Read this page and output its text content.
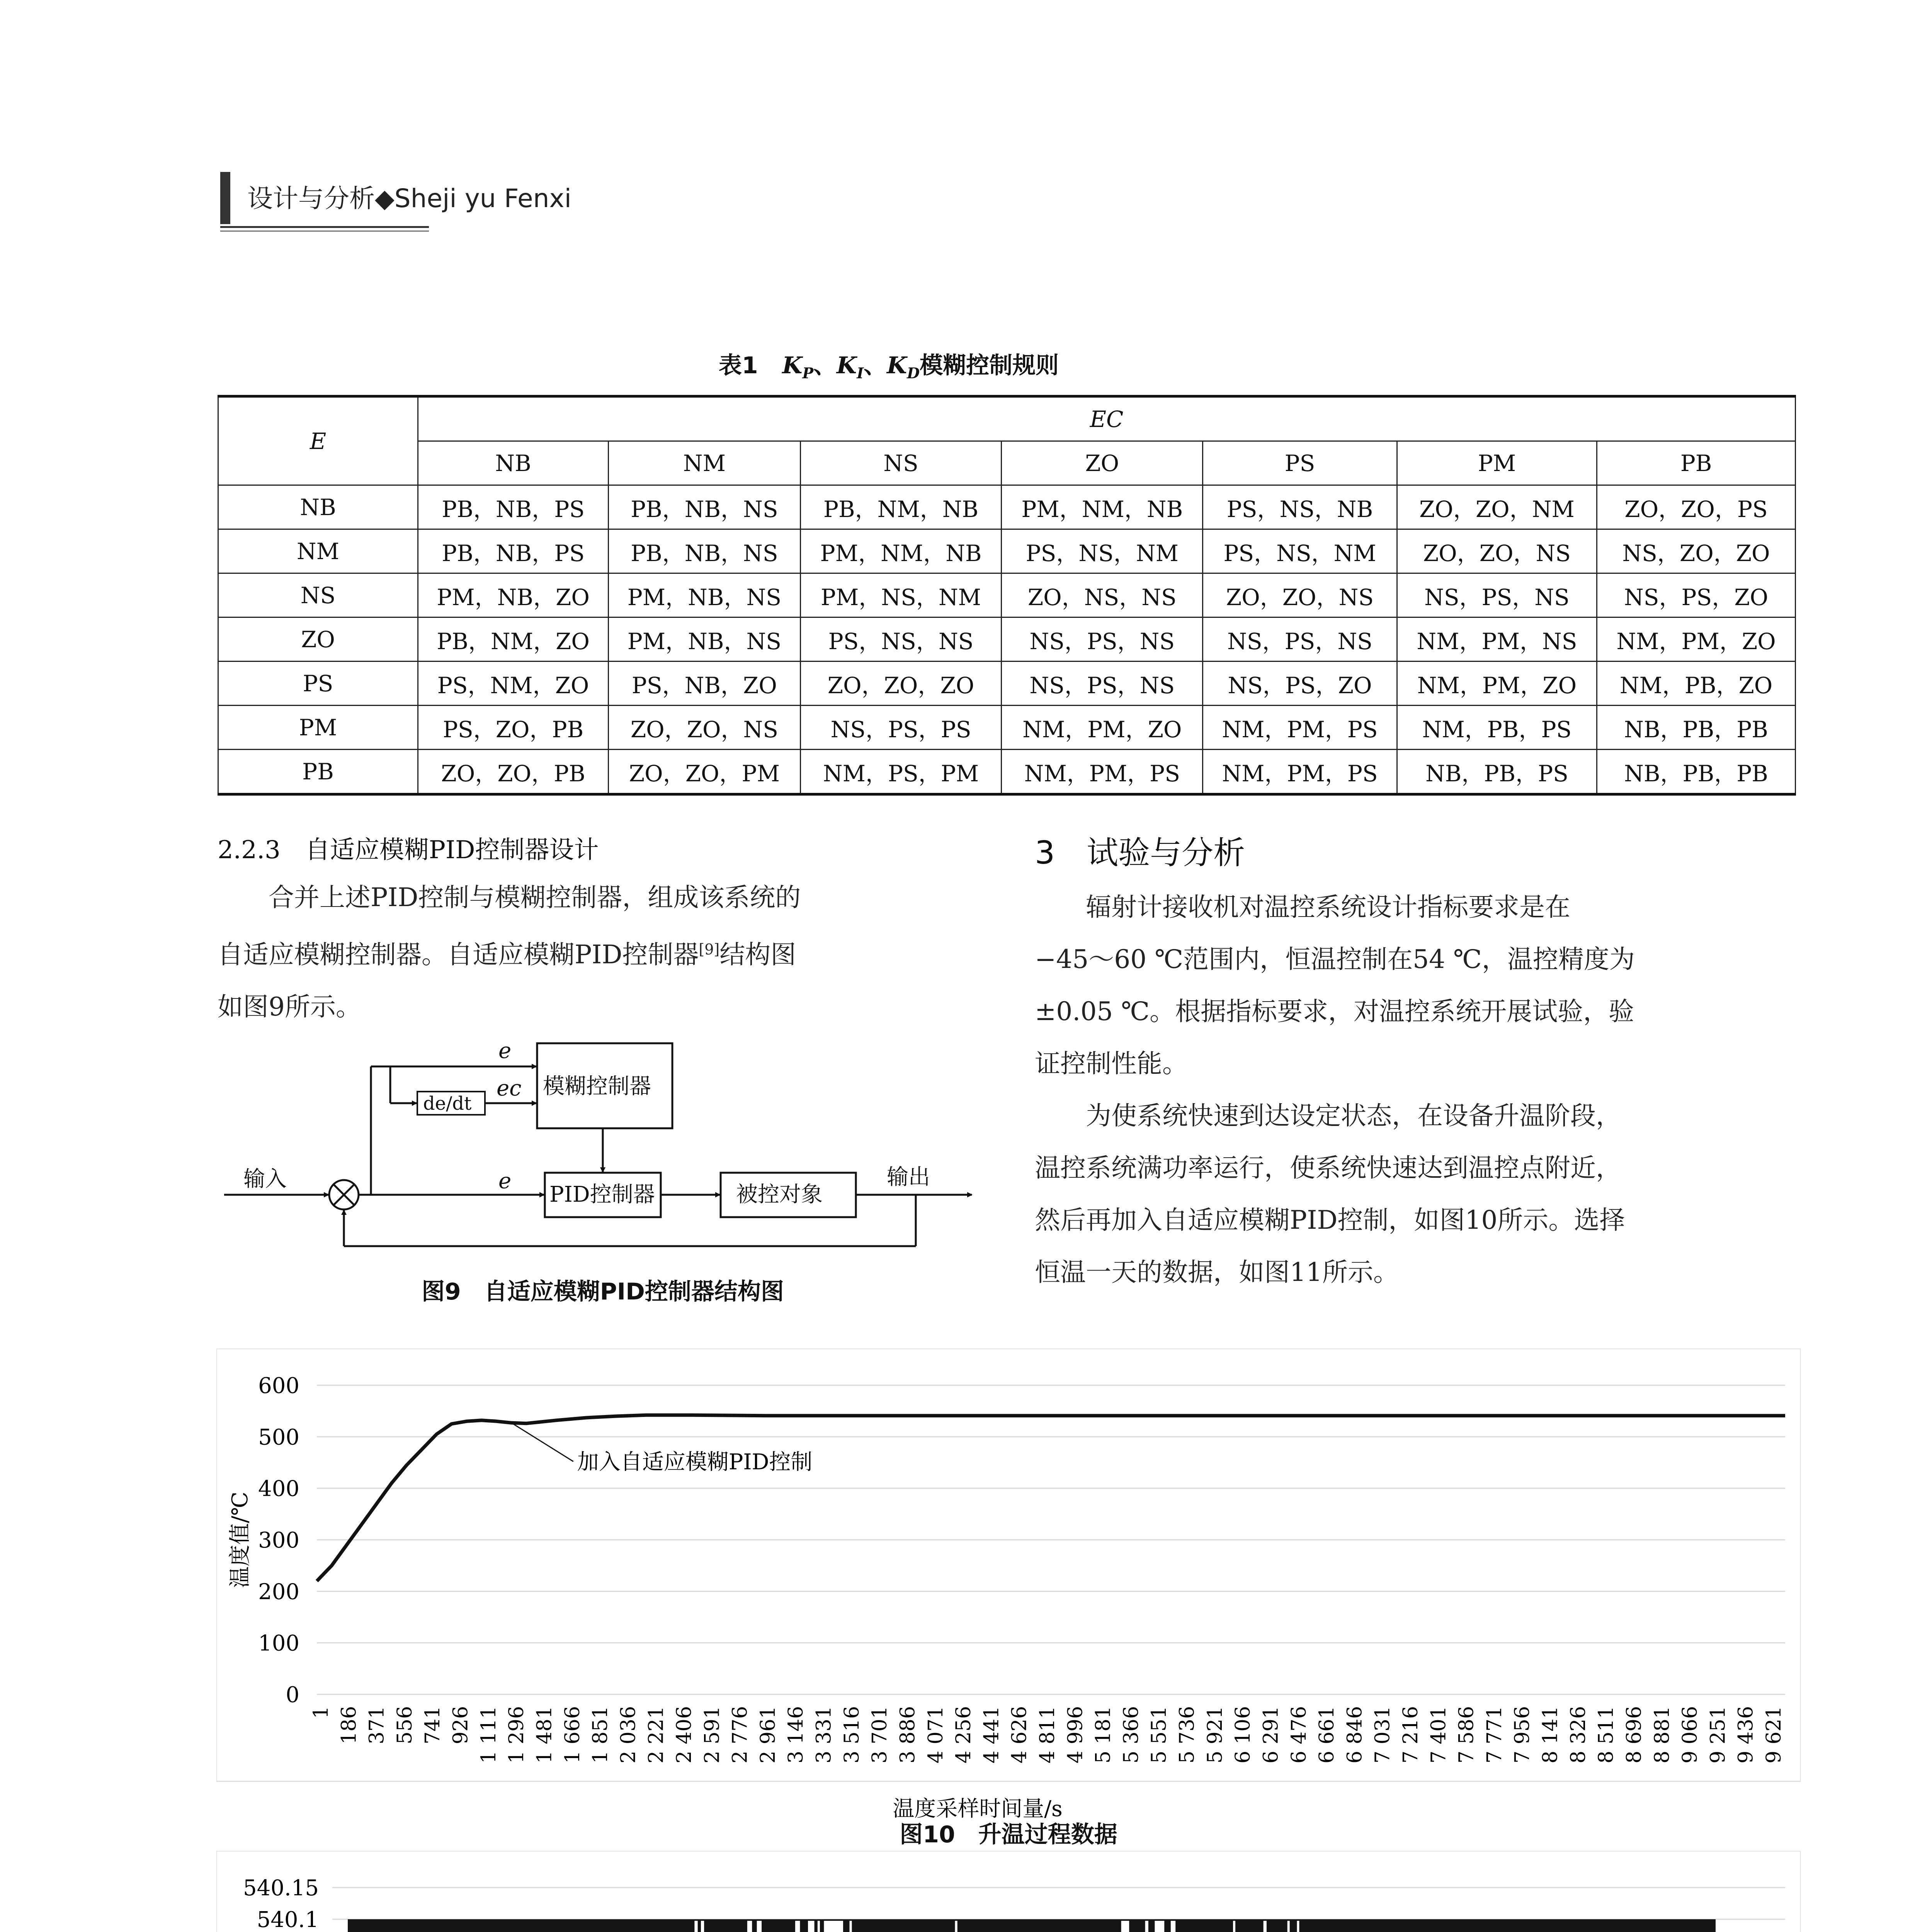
设计与分析◆Sheji yu Fenxi
表1 $K_P$、$K_I$、$K_D$模糊控制规则
E	EC						
	NB	NM	NS	ZO	PS	PM	PB
NB	PB，NB，PS	PB，NB，NS	PB，NM，NB	PM，NM，NB	PS，NS，NB	ZO，ZO，NM	ZO，ZO，PS
NM	PB，NB，PS	PB，NB，NS	PM，NM，NB	PS，NS，NM	PS，NS，NM	ZO，ZO，NS	NS，ZO，ZO
NS	PM，NB，ZO	PM，NB，NS	PM，NS，NM	ZO，NS，NS	ZO，ZO，NS	NS，PS，NS	NS，PS，ZO
ZO	PB，NM，ZO	PM，NB，NS	PS，NS，NS	NS，PS，NS	NS，PS，NS	NM，PM，NS	NM，PM，ZO
PS	PS，NM，ZO	PS，NB，ZO	ZO，ZO，ZO	NS，PS，NS	NS，PS，ZO	NM，PM，ZO	NM，PB，ZO
PM	PS，ZO，PB	ZO，ZO，NS	NS，PS，PS	NM，PM，ZO	NM，PM，PS	NM，PB，PS	NB，PB，PB
PB	ZO，ZO，PB	ZO，ZO，PM	NM，PS，PM	NM，PM，PS	NM，PM，PS	NB，PB，PS	NB，PB，PB
2.2.3　自适应模糊PID控制器设计

合并上述PID控制与模糊控制器，组成该系统的

自适应模糊控制器。自适应模糊PID控制器[9]结构图

如图9所示。

e
ec
de/dt
模糊控制器
输入	e
PID控制器	被控对象
输出
图9　自适应模糊PID控制器结构图
3　试验与分析

辐射计接收机对温控系统设计指标要求是在

−45～60 ℃范围内，恒温控制在54 ℃，温控精度为

±0.05 ℃。根据指标要求，对温控系统开展试验，验

证控制性能。

为使系统快速到达设定状态，在设备升温阶段，

温控系统满功率运行，使系统快速达到温控点附近，

然后再加入自适应模糊PID控制，如图10所示。选择

恒温一天的数据，如图11所示。

0
100
200
300
400
500
600
1 186 371 556 741 926 1 111 1 296 1 481 1 666 1 851 2 036 2 221 2 406 2 591 2 776 2 961 3 146 3 331 3 516 3 701 3 886 4 071 4 256 4 441 4 626 4 811 4 996 5 181 5 366 5 551 5 736 5 921 6 106 6 291 6 476 6 661 6 846 7 031 7 216 7 401 7 586 7 771 7 956 8 141 8 326 8 511 8 696 8 881 9 066 9 251 9 436 9 621
加入自适应模糊PID控制
温度采样时间量/s
温度值/℃
图10　升温过程数据
540.1
540.15
